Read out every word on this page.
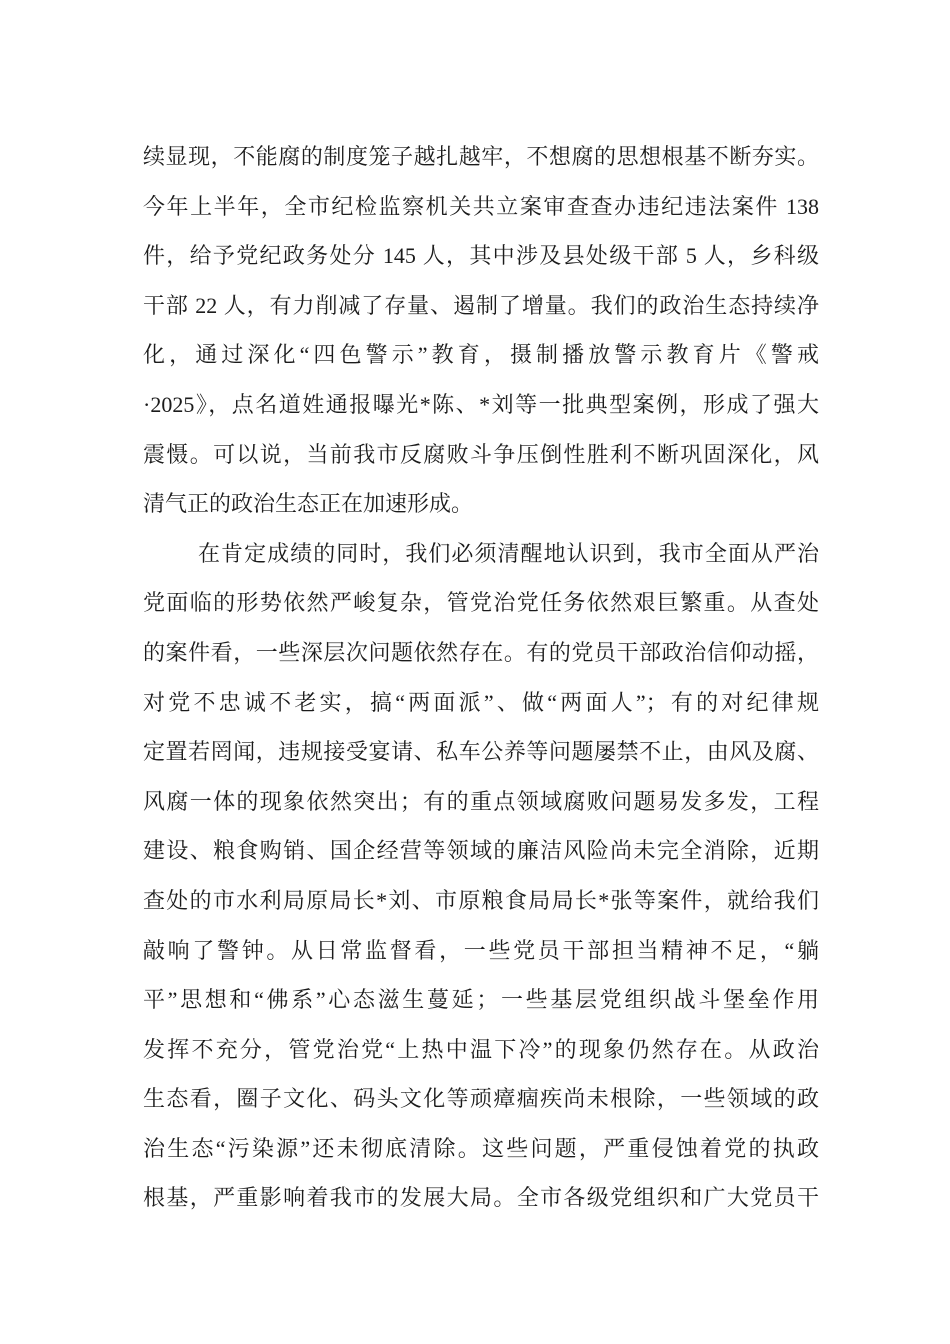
续显现，不能腐的制度笼子越扎越牢，不想腐的思想根基不断夯实。
今年上半年，全市纪检监察机关共立案审查查办违纪违法案件 138
件，给予党纪政务处分 145 人，其中涉及县处级干部 5 人，乡科级
干部 22 人，有力削减了存量、遏制了增量。我们的政治生态持续净
化，通过深化“四色警示”教育，摄制播放警示教育片《警戒
·2025》，点名道姓通报曝光*陈、*刘等一批典型案例，形成了强大
震慑。可以说，当前我市反腐败斗争压倒性胜利不断巩固深化，风
清气正的政治生态正在加速形成。
在肯定成绩的同时，我们必须清醒地认识到，我市全面从严治
党面临的形势依然严峻复杂，管党治党任务依然艰巨繁重。从查处
的案件看，一些深层次问题依然存在。有的党员干部政治信仰动摇，
对党不忠诚不老实，搞“两面派”、做“两面人”；有的对纪律规
定置若罔闻，违规接受宴请、私车公养等问题屡禁不止，由风及腐、
风腐一体的现象依然突出；有的重点领域腐败问题易发多发，工程
建设、粮食购销、国企经营等领域的廉洁风险尚未完全消除，近期
查处的市水利局原局长*刘、市原粮食局局长*张等案件，就给我们
敲响了警钟。从日常监督看，一些党员干部担当精神不足，“躺
平”思想和“佛系”心态滋生蔓延；一些基层党组织战斗堡垒作用
发挥不充分，管党治党“上热中温下冷”的现象仍然存在。从政治
生态看，圈子文化、码头文化等顽瘴痼疾尚未根除，一些领域的政
治生态“污染源”还未彻底清除。这些问题，严重侵蚀着党的执政
根基，严重影响着我市的发展大局。全市各级党组织和广大党员干
